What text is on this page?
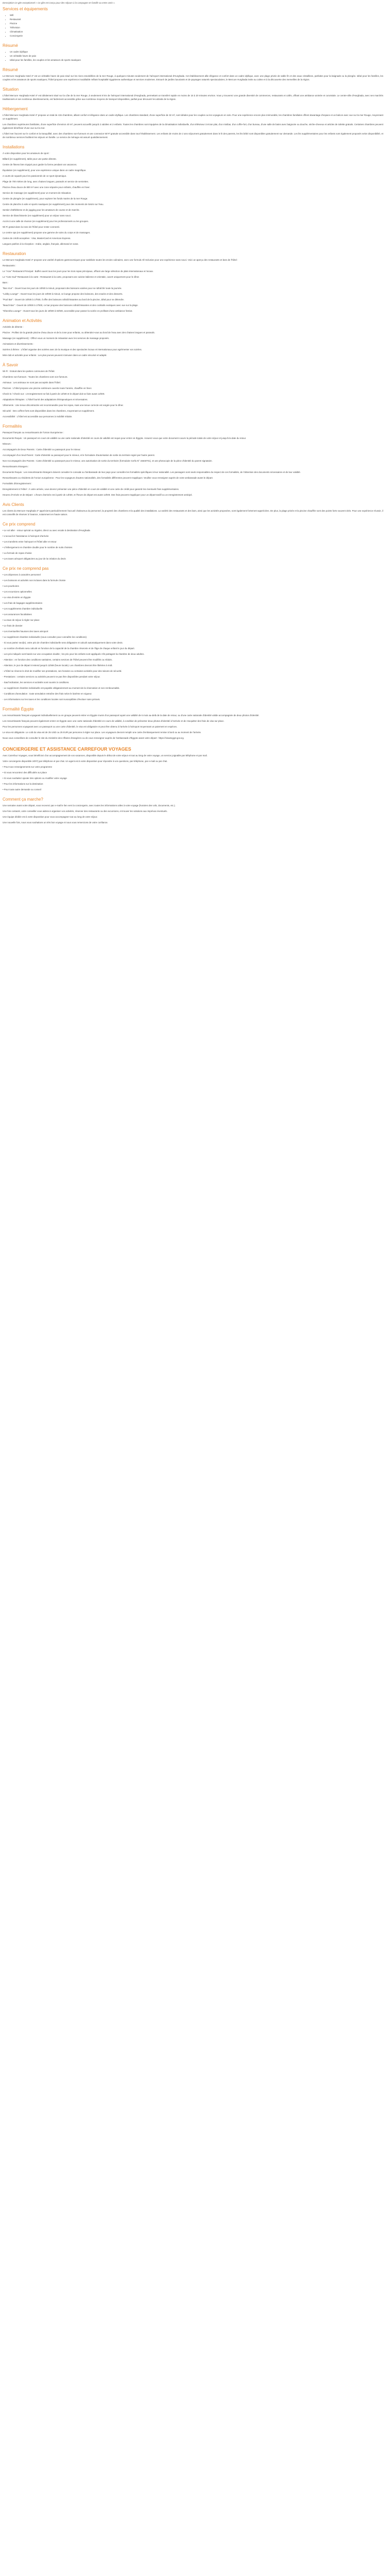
Description Ce gite exceptionnel « Ce gîte est conçu pour des séjours à la campagne en famille ou entre amis ».

Services et équipements
• Wifi
• Restaurant
• Piscine
• Télévision
• Climatisation
• Conciergerie
Résumé
• Un cadre idyllique
• Un véritable havre de paix
• Idéal pour les familles, les couples et les amateurs de sports nautiques
Résumé

Le Mercure Hurghada Hotel 4* est un véritable havre de paix situé sur les rives ensoleillées de la mer Rouge, à quelques minutes seulement de l'aéroport international d'Hurghada. Cet établissement allie élégance et confort dans un cadre idyllique, avec une plage privée de sable fin et des eaux cristallines, parfaites pour la baignade ou la plongée. Idéal pour les familles, les couples et les amateurs de sports nautiques, l'hôtel propose une expérience inoubliable mêlant hospitalité égyptienne authentique et services modernes. Entouré de jardins luxuriants et de paysages naturels spectaculaires, le Mercure Hurghada invite au calme et à la découverte des merveilles de la région.

Situation

L'hôtel Mercure Hurghada Hotel 4* est idéalement situé sur la côte de la mer Rouge, à seulement 8 km de l'aéroport international d'Hurghada, permettant un transfert rapide en moins de 15 à 20 minutes environ. Vous y trouverez une grande diversité de commerces, restaurants et cafés, offrant une ambiance animée et conviviale. Le centre-ville d'Hurghada, avec ses marchés traditionnels et ses nombreux divertissements, est facilement accessible grâce aux nombreux moyens de transport disponibles, parfait pour découvrir les attraits de la région.

Hébergement

L'hôtel Mercure Hurghada Hotel 4* propose un total de 415 chambres, alliant confort et élégance dans un cadre idyllique. Les chambres standard, d'une superficie de 32 m², sont idéales pour les couples ou les voyageurs en solo. Pour une expérience encore plus mémorable, les chambres familiales offrent davantage d'espace et un balcon avec vue sur la mer Rouge, moyennant un supplément.

Les chambres supérieures familiales, d'une superficie d'environ 40 m², peuvent accueillir jusqu'à 2 adultes et 2 enfants. Toutes les chambres sont équipées de la climatisation individuelle, d'un téléviseur à écran plat, d'un minibar, d'un coffre-fort, d'un bureau, d'une salle de bains avec baignoire ou douche, sèche-cheveux et articles de toilette gratuits. Certaines chambres peuvent également bénéficier d'une vue sur la mer.

L'hôtel met l'accent sur le confort et la tranquillité, avec des chambres non-fumeurs et une connexion Wi-Fi gratuite accessible dans tout l'établissement. Les enfants de moins de 2 ans séjournent gratuitement dans le lit des parents, les lits bébé sont disponibles gratuitement sur demande. Les lits supplémentaires pour les enfants sont également proposés selon disponibilité, et de nombreux services facilitent les séjours en famille. Le service de ménage est assuré quotidiennement.

Installations

À votre disposition pour les amateurs de sport :

Billard (en supplément), table pour une partie détente.

Centre de fitness bien équipé pour garder la forme pendant vos vacances.

Équitation (en supplément), pour une expérience unique dans un cadre magnifique.

2 courts de squash pour les passionnés de ce sport dynamique.

Plage de 700 mètres de long, avec chaises longues, parasols et service de serviettes.

Piscine d'eau douce de 800 m² avec une zone séparée pour enfants, chauffée en hiver.

Service de massage (en supplément) pour un moment de relaxation.

Centre de plongée (en supplément), pour explorer les fonds marins de la mer Rouge.

Centre de planche à voile et sports nautiques (en supplément) pour des moments de loisirs sur l'eau.

Sentier d'athlétisme et de jogging pour les amateurs de course et de marche.

Service de blanchisserie (en supplément) pour un séjour sans souci.

Accès à une salle de réunion (en supplément) pour les professionnels ou les groupes.

Wi-Fi gratuit dans la zone de l'hôtel pour rester connecté.

Le centre spa (en supplément) propose une gamme de soins du corps et de massages.

Cartes de crédit acceptées : Visa, MasterCard et American Express.

Langues parlées à la réception : Arabe, anglais, français, allemand et russe.

Restauration

Le Mercure Hurghada Hotel 4* propose une variété d'options gastronomiques pour satisfaire toutes les envies culinaires, avec une formule All Inclusive pour une expérience sans souci. Voici un aperçu des restaurants et bars de l'hôtel :

Restaurants :

Le "Azur" Restaurant Principal : Buffet ouvert tous les jours pour les trois repas principaux, offrant une large sélection de plats internationaux et locaux.

Le "Cote Sud" Restaurant à la carte : Restaurant à la carte, proposant une cuisine italienne et orientale, ouvert uniquement pour le dîner.

Bars :

"Bar Azur" : Ouvert tous les jours de 10h00 à minuit, proposant des boissons variées pour se rafraîchir toute la journée.

"Lobby Lounge" : Ouvert tous les jours de 10h00 à minuit, ce lounge propose des boissons, des snacks et des desserts.

"Pool Bar" : Ouvert de 10h00 à 17h00, il offre des boissons rafraîchissantes au bord de la piscine, idéal pour se détendre.

"Beach Bar" : Ouvert de 10h00 à 17h00, ce bar propose des boissons rafraîchissantes et des cocktails exotiques avec vue sur la plage.

"Sheesha Lounge" : Ouvert tous les jours de 19h00 à 02h00, accessible pour passer la soirée en profitant d'une ambiance festive.

Animation et Activités

Activités de détente :

Piscine : Profitez de la grande piscine d'eau douce et de la zone pour enfants, ou détendez-vous au bord de l'eau avec des chaises longues et parasols.

Massage (en supplément) : Offrez-vous un moment de relaxation avec les services de massage proposés.

Animations et divertissements :

Soirées à thème : L'hôtel organise des soirées avec de la musique et des spectacles locaux et internationaux pour agrémenter vos soirées.

Mini-club et activités pour enfants : Les plus jeunes peuvent s'amuser dans un cadre sécurisé et adapté.

À Savoir

Wi-Fi : Gratuit dans les parties communes de l'hôtel.

Chambres non-fumeurs : Toutes les chambres sont non-fumeurs.

Animaux : Les animaux ne sont pas acceptés dans l'hôtel.

Piscines : L'hôtel propose une piscine extérieure ouverte toute l'année, chauffée en hiver.

Check-in / Check-out : L'enregistrement se fait à partir de 14h00 et le départ doit se faire avant 12h00.

Adaptations thérapies : L'hôtel fournit des adaptations thérapeutiques et nécessaires.

Vêtements : Une tenue décontractée est recommandée pour les repas, mais une tenue correcte est exigée pour le dîner.

Sécurité : Des coffres-forts sont disponibles dans les chambres, moyennant un supplément.

Accessibilité : L'hôtel est accessible aux personnes à mobilité réduite.

Formalités

Passeport français ou ressortissants de l'Union Européenne :

Documents Requis : Un passeport en cours de validité ou une carte nationale d'identité en cours de validité est requis pour entrer en Égypte. Assurez-vous que votre document couvre la période totale de votre séjour et jusqu'à la date du retour.

Mineurs :

Accompagnés de Deux Parents : Carte d'identité ou passeport pour le mineur.

Accompagné d'un Seul Parent : Carte d'identité ou passeport pour le mineur, et le formulaire d'autorisation de sortie du territoire signé par l'autre parent.

Non Accompagnés des Parents : Carte d'identité ou passeport pour le mineur, une autorisation de sortie du territoire (formulaire Cerfa N° 15646*01), et une photocopie de la pièce d'identité du parent signataire.

Ressortissants étrangers :

Documents Requis : Les ressortissants étrangers doivent consulter le consulat ou l'ambassade de leur pays pour connaître les formalités spécifiques à leur nationalité. Les passagers sont seuls responsables du respect de ces formalités, de l'obtention des documents nécessaires et de leur validité.

Ressortissants ou résidents de l'Union européenne : Pour les voyageurs d'autres nationalités, des formalités différentes peuvent s'appliquer. Veuillez vous renseigner auprès de votre ambassade avant le départ.

Formalités d'Enregistrement :

Enregistrement à l'Hôtel : À votre arrivée, vous devrez présenter une pièce d'identité en cours de validité et une carte de crédit pour garantir les éventuels frais supplémentaires.

Heures d'Arrivée et de Départ : L'heure d'arrivée est à partir de 14h00, et l'heure de départ est avant 12h00. Des frais peuvent s'appliquer pour un départ tardif ou un enregistrement anticipé.

Avis Clients

Les clients du Mercure Hurghada 4* apprécient particulièrement l'accueil chaleureux du personnel, la propreté des chambres et la qualité des installations. La variété des restaurants et des bars, ainsi que les activités proposées, sont également fortement appréciées. De plus, la plage privée et la piscine chauffée sont des points forts souvent cités. Pour une expérience réussie, il est conseillé de réserver à l'avance, notamment en haute saison.

Ce prix comprend

• Le vol aller - retour spécial ou régulier, direct ou avec escale à destination d'Hurghada

• L'accueil et l'assistance à l'aéroport d'arrivée

• Les transferts entre l'aéroport et l'hôtel aller et retour

• L'hébergement en chambre double pour le nombre de nuits choisies

• La formule de repas choisie

• Les taxes aéroport obligatoires au jour de la création du devis

Ce prix ne comprend pas

• Les dépenses à caractère personnel

• Les boissons et activités non incluses dans la formule choisie

• Les pourboires

• Les excursions optionnelles

• Le visa d'entrée en Égypte

• Les frais de bagages supplémentaires

• Les suppléments chambre individuelle

• Les assurances facultatives

• La taxe de séjour à régler sur place

• Le frais de dossier

• Les éventuelles hausses des taxes aéroport

• Le supplément chambre individuelle (nous consulter pour connaître les conditions)

- Si vous partez seul(e), votre prix de chambre individuelle sera obligatoire et calculé automatiquement dans votre devis.

- Le nombre d'enfants sera calculé en fonction de la capacité de la chambre réservée et de l'âge de chaque enfant le jour du départ.

- Les prix indiqués sont basés sur une occupation double ; les prix pour les enfants sont appliqués s'ils partagent la chambre de deux adultes.

- Attention : en fonction des conditions sanitaires, certains services de l'hôtel peuvent être modifiés ou réduits.

- Attention, le jour de départ s'entend jusqu'à 11h59 (heure locale). Les chambres devront être libérées à midi.

- L'hôtel se réserve le droit de modifier ses prestations, ses horaires ou certaines activités pour des raisons de sécurité.

- Prestations : certains services ou activités peuvent ne pas être disponibles pendant votre séjour.

- Sauf indication, les services et activités sont soumis à conditions.

- Le supplément chambre individuelle est payable obligatoirement au moment de la réservation et non remboursable.

- Conditions d'annulation : toute annulation entraîne des frais selon le barème en vigueur.

- Les informations sur les taxes et les conditions locales sont susceptibles d'évoluer sans préavis.

Formalité Égypte

Les ressortissants français voyageant individuellement ou en groupe peuvent entrer en Égypte munis d'un passeport ayant une validité de 6 mois au-delà de la date de retour, ou d'une carte nationale d'identité valide accompagnée de deux photos d'identité.

Les ressortissants français peuvent également entrer en Égypte avec une carte nationale d'identité en cours de validité, à condition de présenter deux photos d'identité à l'arrivée et de s'acquitter des frais de visa sur place.

Pour les personnes voyageant avec un passeport ou une carte d'identité, le visa est obligatoire et peut être obtenu à l'arrivée à l'aéroport moyennant un paiement en espèces.

Le visa est obligatoire. Le coût du visa est de 25 USD ou 25 EUR par personne à régler sur place. Les voyageurs devront remplir une carte d'embarquement remise à bord ou au moment de l'arrivée.

Nous vous conseillons de consulter le site du ministère des Affaires étrangères ou de vous renseigner auprès de l'ambassade d'Égypte avant votre départ : https://visa2egypt.gov.eg.

CONCIERGERIE ET ASSISTANCE CARREFOUR VOYAGES

Avec Carrefour Voyages, vous bénéficiez d'un accompagnement de vos vacances, disponible depuis le début de votre séjour et tout au long de votre voyage, un service joignable par téléphone et par mail.

Votre conciergerie disponible 24h/7j par téléphone et par chat. Un agent est à votre disposition pour répondre à vos questions, par téléphone, par e-mail ou par chat.

• Pour tous renseignements sur votre programme

• Si vous rencontrez des difficultés sur place

• Si vous souhaitez ajouter des options ou modifier votre voyage

• Pour les informations sur la destination

• Pour toute autre demande ou conseil

Comment ça marche?

Une semaine avant votre départ, vous recevrez par e-mail le lien vers la conciergerie, avec toutes les informations utiles à votre voyage (horaires des vols, documents, etc.).

Une fois contacté, votre conseiller vous aidera à organiser vos activités, réserver des restaurants ou des excursions, et trouver les solutions aux imprévus éventuels.

Une équipe dédiée est à votre disposition pour vous accompagner tout au long de votre séjour.

Une nouvelle fois, nous vous souhaitons un très bon voyage et nous vous remercions de votre confiance.
